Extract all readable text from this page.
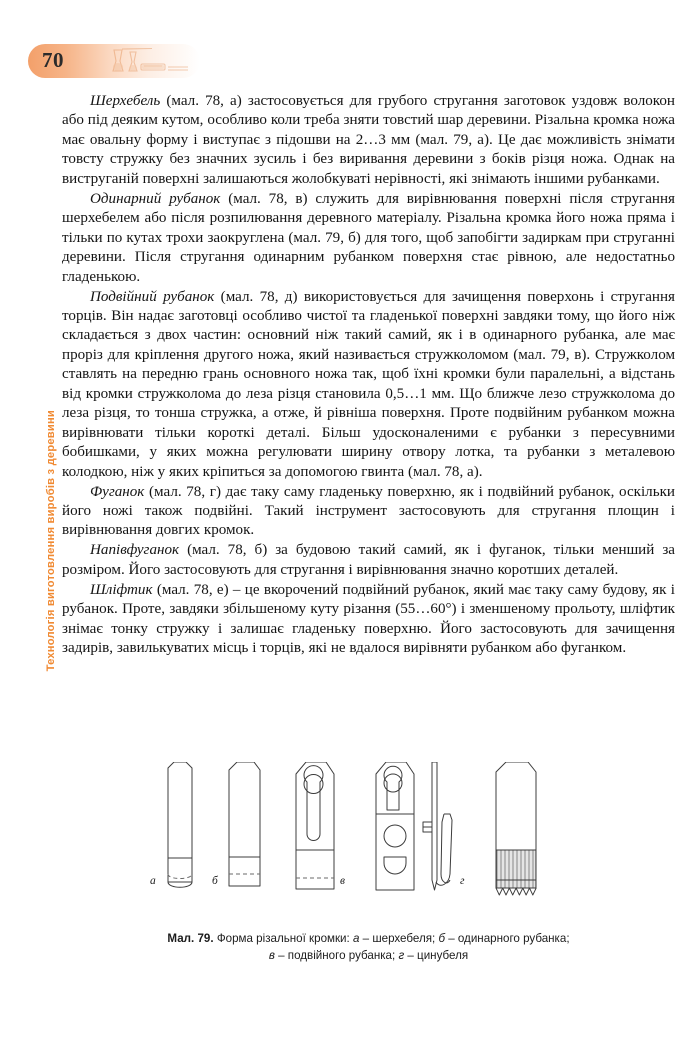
70
Технологія виготовлення виробів з деревини

Шерхебель (мал. 78, а) застосовується для грубого стругання заготовок уздовж волокон або під деяким кутом, особливо коли треба зняти товстий шар деревини. Різальна кромка ножа має овальну форму і виступає з підошви на 2…3 мм (мал. 79, а). Це дає можливість знімати товсту стружку без значних зусиль і без виривання деревини з боків різця ножа. Однак на виструганій поверхні залишаються жолобкуваті нерівності, які знімають іншими рубанками.

Одинарний рубанок (мал. 78, в) служить для вирівнювання поверхні після стругання шерхебелем або після розпилювання деревного матеріалу. Різальна кромка його ножа пряма і тільки по кутах трохи заокруглена (мал. 79, б) для того, щоб запобігти задиркам при струганні деревини. Після стругання одинарним рубанком поверхня стає рівною, але недостатньо гладенькою.

Подвійний рубанок (мал. 78, д) використовується для зачищення поверхонь і стругання торців. Він надає заготовці особливо чистої та гладенької поверхні завдяки тому, що його ніж складається з двох частин: основний ніж такий самий, як і в одинарного рубанка, але має проріз для кріплення другого ножа, який називається стружколомом (мал. 79, в). Стружколом ставлять на передню грань основного ножа так, щоб їхні кромки були паралельні, а відстань від кромки стружколома до леза різця становила 0,5…1 мм. Що ближче лезо стружколома до леза різця, то тонша стружка, а отже, й рівніша поверхня. Проте подвійним рубанком можна вирівнювати тільки короткі деталі. Більш удосконаленими є рубанки з пересувними бобишками, у яких можна регулювати ширину отвору лотка, та рубанки з металевою колодкою, ніж у яких кріпиться за допомогою гвинта (мал. 78, а).

Фуганок (мал. 78, г) дає таку саму гладеньку поверхню, як і подвійний рубанок, оскільки його ножі також подвійні. Такий інструмент застосовують для стругання площин і вирівнювання довгих кромок.

Напівфуганок (мал. 78, б) за будовою такий самий, як і фуганок, тільки менший за розміром. Його застосовують для стругання і вирівнювання значно коротших деталей.

Шліфтик (мал. 78, е) – це вкорочений подвійний рубанок, який має таку саму будову, як і рубанок. Проте, завдяки збільшеному куту різання (55…60°) і зменшеному прольоту, шліфтик знімає тонку стружку і залишає гладеньку поверхню. Його застосовують для зачищення задирів, завилькуватих місць і торців, які не вдалося вирівняти рубанком або фуганком.

а	б	в	г
Мал. 79. Форма різальної кромки: а – шерхебеля; б – одинарного рубанка;
в – подвійного рубанка; г – цинубеля
